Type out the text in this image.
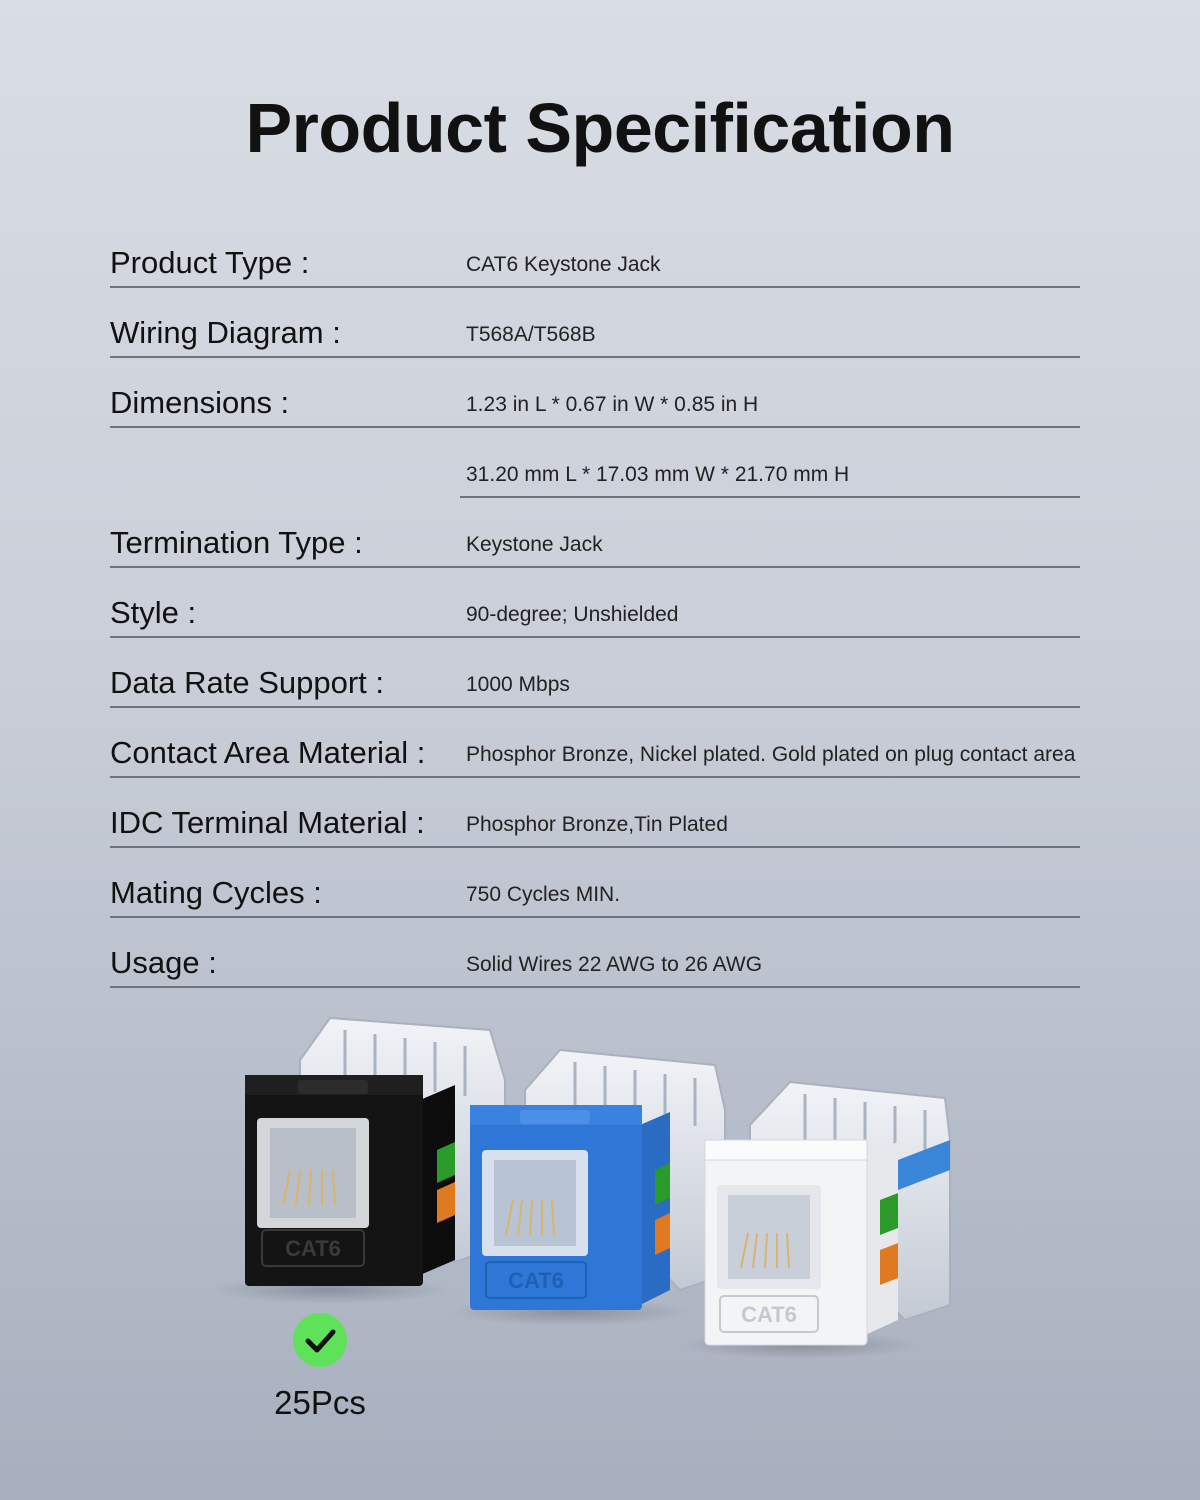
Product Specification
Product Type :	CAT6 Keystone Jack
Wiring Diagram :	T568A/T568B
Dimensions :	1.23 in L * 0.67 in W * 0.85 in H
31.20 mm L * 17.03 mm W * 21.70 mm H
Termination Type :	Keystone Jack
Style :	90-degree; Unshielded
Data Rate Support :	1000 Mbps
Contact Area Material : Phosphor Bronze, Nickel plated. Gold plated on plug contact area
IDC Terminal Material : Phosphor Bronze,Tin Plated
Mating Cycles :	750 Cycles MIN.
Usage :	Solid Wires 22 AWG to 26 AWG
CAT6
CAT6
CAT6
25Pcs
